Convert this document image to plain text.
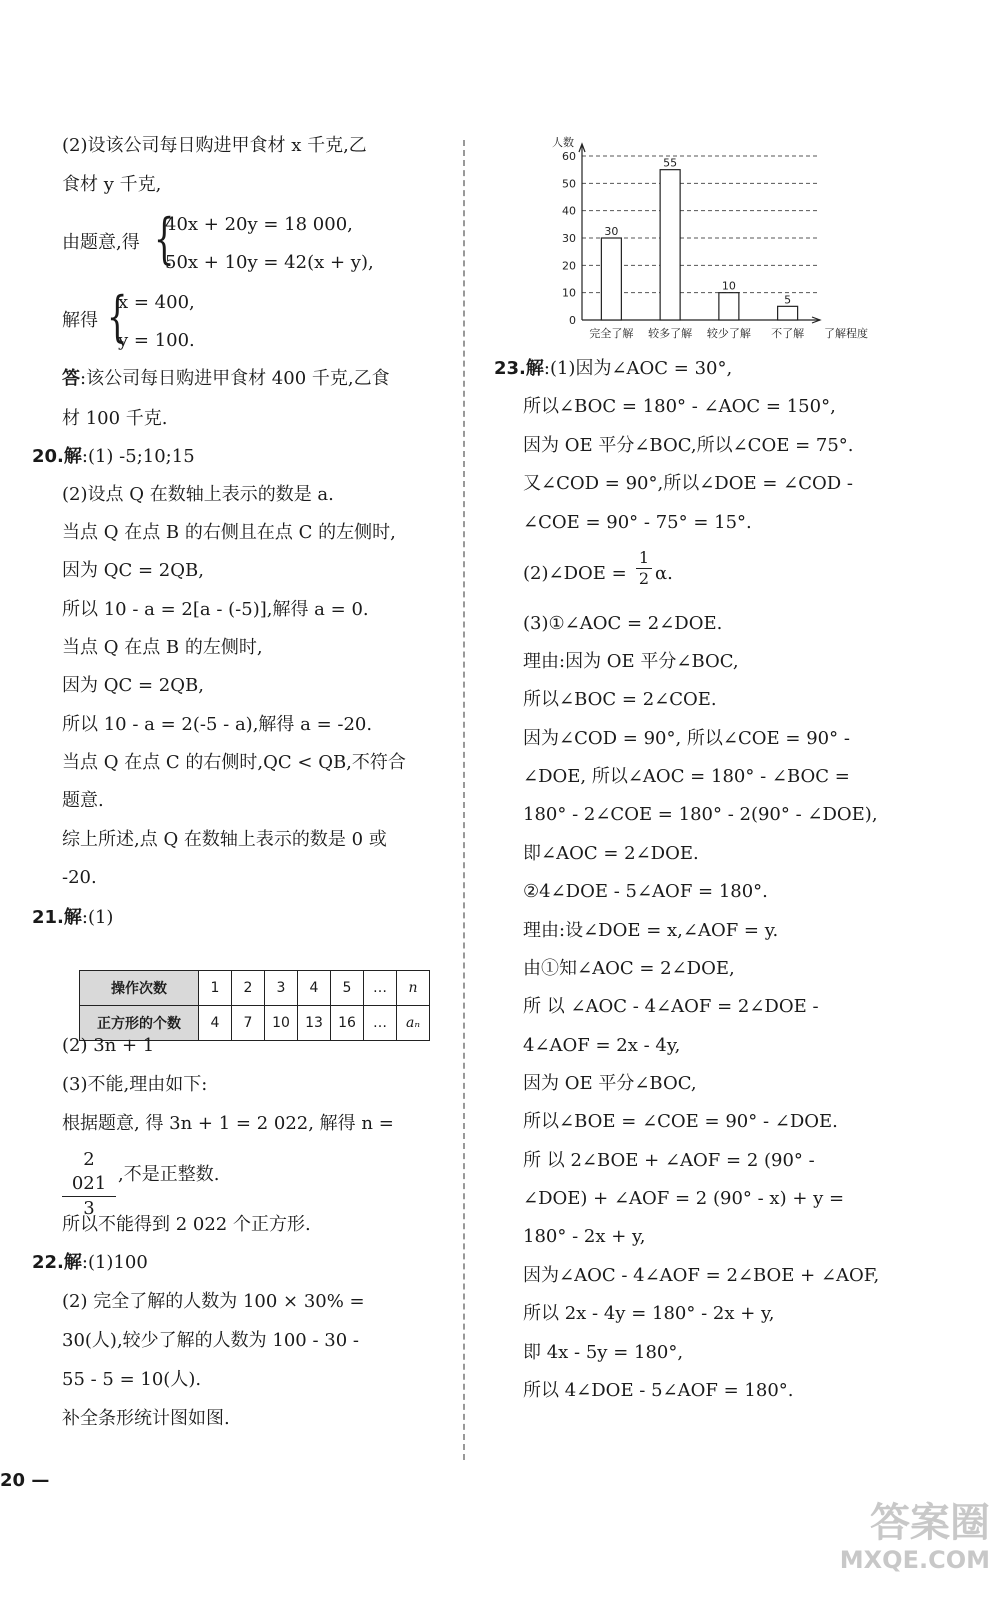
(2)设该公司每日购进甲食材 x 千克,乙
食材 y 千克,
由题意,得 {
40x + 20y = 18 000,
50x + 10y = 42(x + y),
解得 {
x = 400,
y = 100.
答:该公司每日购进甲食材 400 千克,乙食
材 100 千克.
20.解:(1) -5;10;15
(2)设点 Q 在数轴上表示的数是 a.
当点 Q 在点 B 的右侧且在点 C 的左侧时,
因为 QC = 2QB,
所以 10 - a = 2[a - (-5)],解得 a = 0.
当点 Q 在点 B 的左侧时,
因为 QC = 2QB,
所以 10 - a = 2(-5 - a),解得 a = -20.
当点 Q 在点 C 的右侧时,QC < QB,不符合
题意.
综上所述,点 Q 在数轴上表示的数是 0 或
-20.
21.解:(1)
操作次数	1	2	3	4	5	…	n
正方形的个数	4	7	10	13	16	…	aₙ
(2) 3n + 1
(3)不能,理由如下:
根据题意, 得 3n + 1 = 2 022, 解得 n =
$\frac{2 021}{3}$ ,不是正整数.
所以不能得到 2 022 个正方形.
22.解:(1)100
(2) 完全了解的人数为 100 × 30% =
30(人),较少了解的人数为 100 - 30 -
55 - 5 = 10(人).
补全条形统计图如图.
20 —
0
10
20
30
40
50
60
人数
了解程度
30
完全了解
55
较多了解
10
较少了解
5
不了解
23.解:(1)因为∠AOC = 30°,
所以∠BOC = 180° - ∠AOC = 150°,
因为 OE 平分∠BOC,所以∠COE = 75°.
又∠COD = 90°,所以∠DOE = ∠COD -
∠COE = 90° - 75° = 15°.
(2)∠DOE = $\frac{1}{2} \alpha$.
(3)①∠AOC = 2∠DOE.
理由:因为 OE 平分∠BOC,
所以∠BOC = 2∠COE.
因为∠COD = 90°, 所以∠COE = 90° -
∠DOE, 所以∠AOC = 180° - ∠BOC =
180° - 2∠COE = 180° - 2(90° - ∠DOE),
即∠AOC = 2∠DOE.
②4∠DOE - 5∠AOF = 180°.
理由:设∠DOE = x,∠AOF = y.
由①知∠AOC = 2∠DOE,
所 以 ∠AOC - 4∠AOF = 2∠DOE -
4∠AOF = 2x - 4y,
因为 OE 平分∠BOC,
所以∠BOE = ∠COE = 90° - ∠DOE.
所 以 2∠BOE + ∠AOF = 2 (90° -
∠DOE) + ∠AOF = 2 (90° - x) + y =
180° - 2x + y,
因为∠AOC - 4∠AOF = 2∠BOE + ∠AOF,
所以 2x - 4y = 180° - 2x + y,
即 4x - 5y = 180°,
所以 4∠DOE - 5∠AOF = 180°.
答案圈
MXQE.COM
